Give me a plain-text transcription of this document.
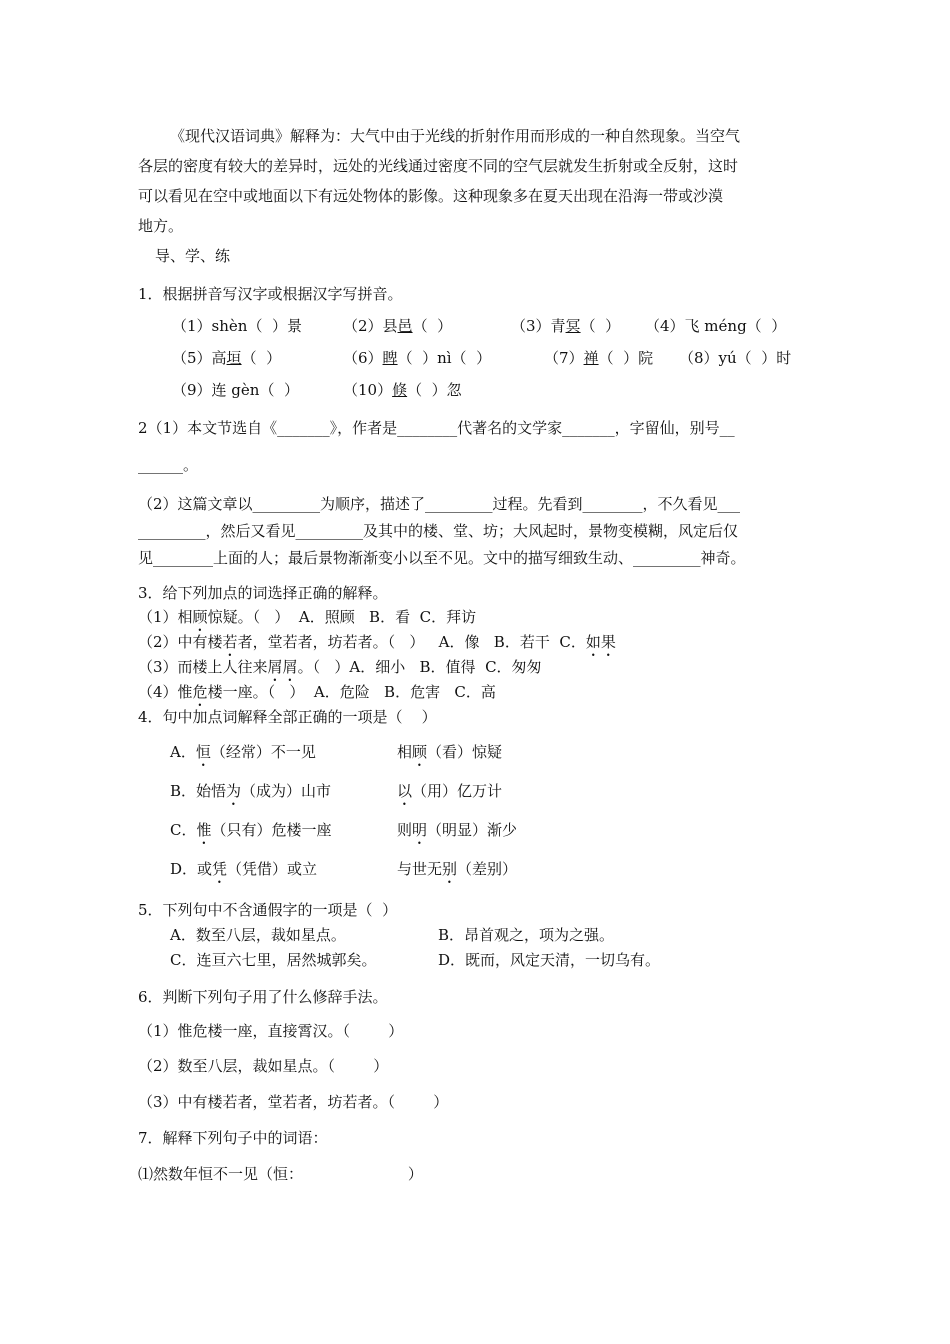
《现代汉语词典》解释为：大气中由于光线的折射作用而形成的一种自然现象。当空气
各层的密度有较大的差异时，远处的光线通过密度不同的空气层就发生折射或全反射，这时
可以看见在空中或地面以下有远处物体的影像。这种现象多在夏天出现在沿海一带或沙漠
地方。
导、学、练
1．根据拼音写汉字或根据汉字写拼音。
（1）shèn（  ）景	（2）县邑（  ）	（3）青冥（  ） （4）飞 méng（  ）
（5）高垣（  ）	（6）睥（  ）nì（  ）	（7）禅（  ）院 （8）yú（  ）时
（9）连 gèn（  ）	（10）倏（  ）忽
2（1）本文节选自《_______》，作者是________代著名的文学家_______，字留仙，别号__
______。
（2）这篇文章以_________为顺序，描述了_________过程。先看到________，不久看见___
_________，然后又看见_________及其中的楼、堂、坊；大风起时，景物变模糊，风定后仅
见________上面的人；最后景物渐渐变小以至不见。文中的描写细致生动、_________神奇。
3．给下列加点的词选择正确的解释。
（1）相顾惊疑。（   ）  A．照顾   B．看  C．拜访
（2）中有楼若者，堂若者，坊若者。（   ）   A．像   B．若干  C．如果
（3）而楼上人往来屑屑。（   ）A．细小   B．值得  C．匆匆
（4）惟危楼一座。（   ）  A．危险   B．危害   C．高
4．句中加点词解释全部正确的一项是（    ）
A．恒（经常）不一见	相顾（看）惊疑
B．始悟为（成为）山市	以（用）亿万计
C．惟（只有）危楼一座	则明（明显）渐少
D．或凭（凭借）或立	与世无别（差别）
5．下列句中不含通假字的一项是（  ）
A．数至八层，裁如星点。	B．昂首观之，项为之强。
C．连亘六七里，居然城郭矣。	D．既而，风定天清，一切乌有。
6．判断下列句子用了什么修辞手法。
（1）惟危楼一座，直接霄汉。（        ）
（2）数至八层，裁如星点。（        ）
（3）中有楼若者，堂若者，坊若者。（        ）
7．解释下列句子中的词语：
⑴然数年恒不一见（恒：                      ）
